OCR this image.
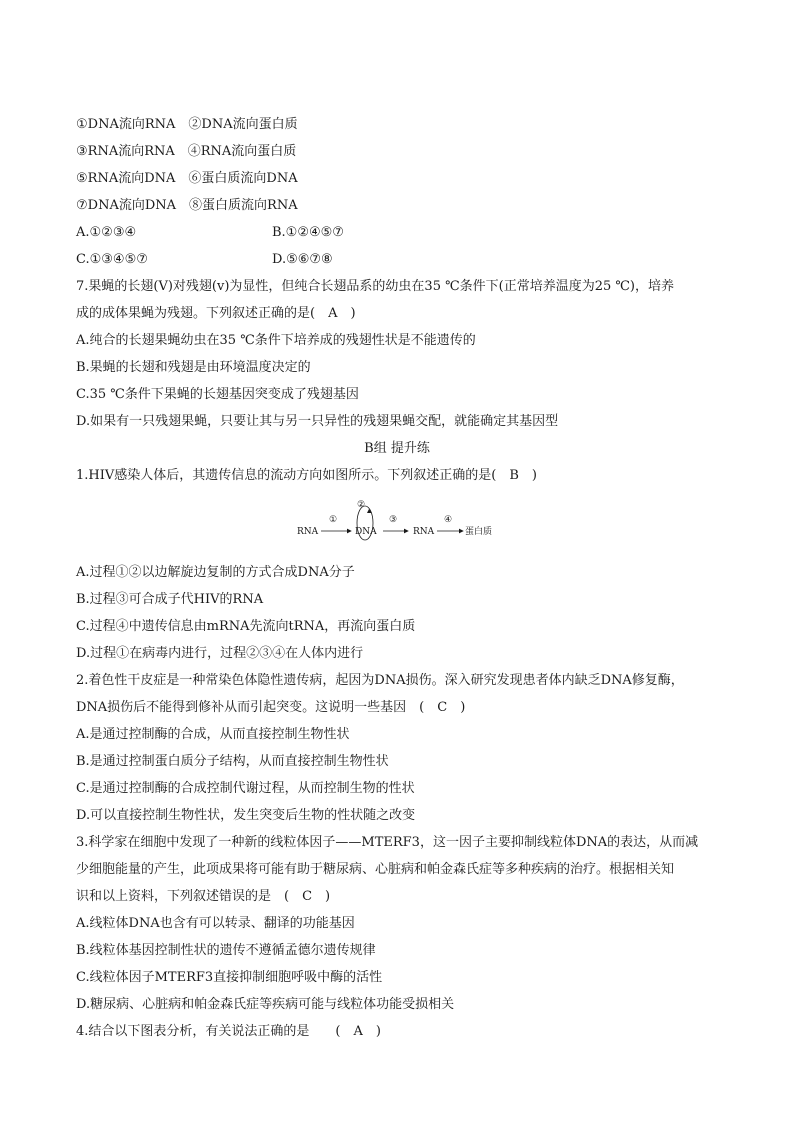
①DNA流向RNA　②DNA流向蛋白质
③RNA流向RNA　④RNA流向蛋白质
⑤RNA流向DNA　⑥蛋白质流向DNA
⑦DNA流向DNA　⑧蛋白质流向RNA
A.①②③④	B.①②④⑤⑦
C.①③④⑤⑦	D.⑤⑥⑦⑧
7.果蝇的长翅(V)对残翅(v)为显性，但纯合长翅品系的幼虫在35 ℃条件下(正常培养温度为25 ℃)，培养
成的成体果蝇为残翅。下列叙述正确的是(　A　)
A.纯合的长翅果蝇幼虫在35 ℃条件下培养成的残翅性状是不能遗传的
B.果蝇的长翅和残翅是由环境温度决定的
C.35 ℃条件下果蝇的长翅基因突变成了残翅基因
D.如果有一只残翅果蝇，只要让其与另一只异性的残翅果蝇交配，就能确定其基因型
B组 提升练
1.HIV感染人体后，其遗传信息的流动方向如图所示。下列叙述正确的是(　B　)
RNA
①
②
DNA
③
RNA
④
蛋白质
A.过程①②以边解旋边复制的方式合成DNA分子
B.过程③可合成子代HIV的RNA
C.过程④中遗传信息由mRNA先流向tRNA，再流向蛋白质
D.过程①在病毒内进行，过程②③④在人体内进行
2.着色性干皮症是一种常染色体隐性遗传病，起因为DNA损伤。深入研究发现患者体内缺乏DNA修复酶，
DNA损伤后不能得到修补从而引起突变。这说明一些基因　(　C　)
A.是通过控制酶的合成，从而直接控制生物性状
B.是通过控制蛋白质分子结构，从而直接控制生物性状
C.是通过控制酶的合成控制代谢过程，从而控制生物的性状
D.可以直接控制生物性状，发生突变后生物的性状随之改变
3.科学家在细胞中发现了一种新的线粒体因子——MTERF3，这一因子主要抑制线粒体DNA的表达，从而减
少细胞能量的产生，此项成果将可能有助于糖尿病、心脏病和帕金森氏症等多种疾病的治疗。根据相关知
识和以上资料，下列叙述错误的是　(　C　)
A.线粒体DNA也含有可以转录、翻译的功能基因
B.线粒体基因控制性状的遗传不遵循孟德尔遗传规律
C.线粒体因子MTERF3直接抑制细胞呼吸中酶的活性
D.糖尿病、心脏病和帕金森氏症等疾病可能与线粒体功能受损相关
4.结合以下图表分析，有关说法正确的是　　(　A　)
